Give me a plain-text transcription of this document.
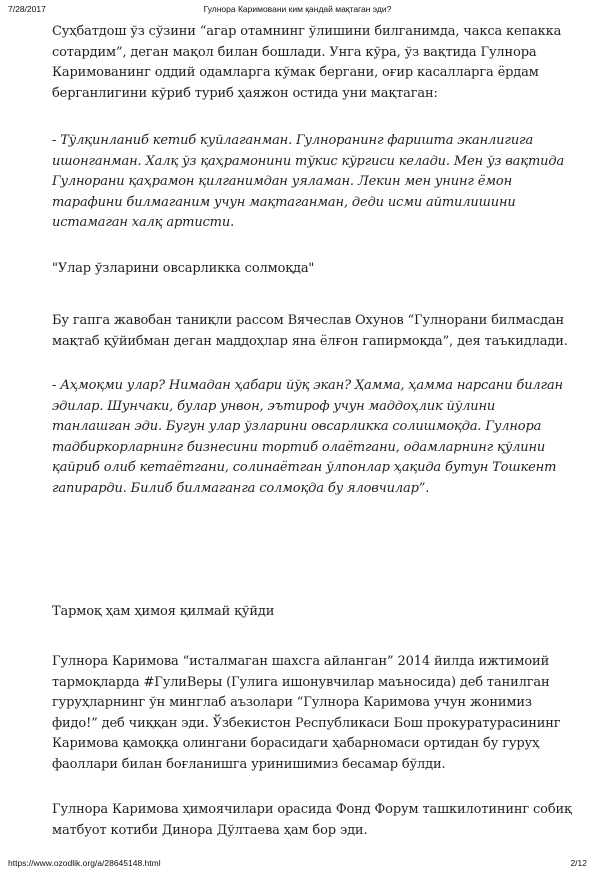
7/28/2017	Гулнора Каримовани ким қандай мақтаган эди?

Суҳбатдош ўз сўзини “агар отамнинг ўлишини билганимда, чакса кепакка сотардим”, деган мақол билан бошлади. Унга кўра, ўз вақтида Гулнора Каримованинг оддий одамларга кўмак бергани, оғир касалларга ёрдам берганлигини кўриб туриб ҳаяжон остида уни мақтаган:

- Тўлқинланиб кетиб куйлаганман. Гулноранинг фаришта эканлигига ишонганман. Халқ ўз қаҳрамонини тўкис кўргиси келади. Мен ўз вақтида Гулнорани қаҳрамон қилганимдан уяламан. Лекин мен унинг ёмон тарафини билмаганим учун мақтаганман, деди исми айтилишини истамаган халқ артисти.

"Улар ўзларини овсарликка солмоқда"

Бу гапга жавобан таниқли рассом Вячеслав Охунов “Гулнорани билмасдан мақтаб қўйибман деган маддоҳлар яна ёлғон гапирмоқда”, дея таъкидлади.

- Аҳмоқми улар? Нимадан ҳабари йўқ экан? Ҳамма, ҳамма нарсани билган эдилар. Шунчаки, булар унвон, эътироф учун маддоҳлик йўлини танлашган эди. Бугун улар ўзларини овсарликка солишмоқда. Гулнора тадбиркорларнинг бизнесини тортиб олаётгани, одамларнинг қўлини қайриб олиб кетаётгани, солинаётган ўлпонлар ҳақида бутун Тошкент гапирарди. Билиб билмаганга солмоқда бу яловчилар”.

Тармоқ ҳам ҳимоя қилмай қўйди

Гулнора Каримова “исталмаган шахсга айланган” 2014 йилда ижтимоий тармоқларда #ГулиВеры (Гулига ишонувчилар маъносида) деб танилган гуруҳларнинг ўн минглаб аъзолари “Гулнора Каримова учун жонимиз фидо!” деб чиққан эди. Ўзбекистон Республикаси Бош прокуратурасининг Каримова қамоққа олингани борасидаги ҳабарномаси ортидан бу гуруҳ фаоллари билан боғланишга уринишимиз бесамар бўлди.

Гулнора Каримова ҳимоячилари орасида Фонд Форум ташкилотининг собиқ матбуот котиби Динора Дўлтаева ҳам бор эди.

https://www.ozodlik.org/a/28645148.html	2/12
